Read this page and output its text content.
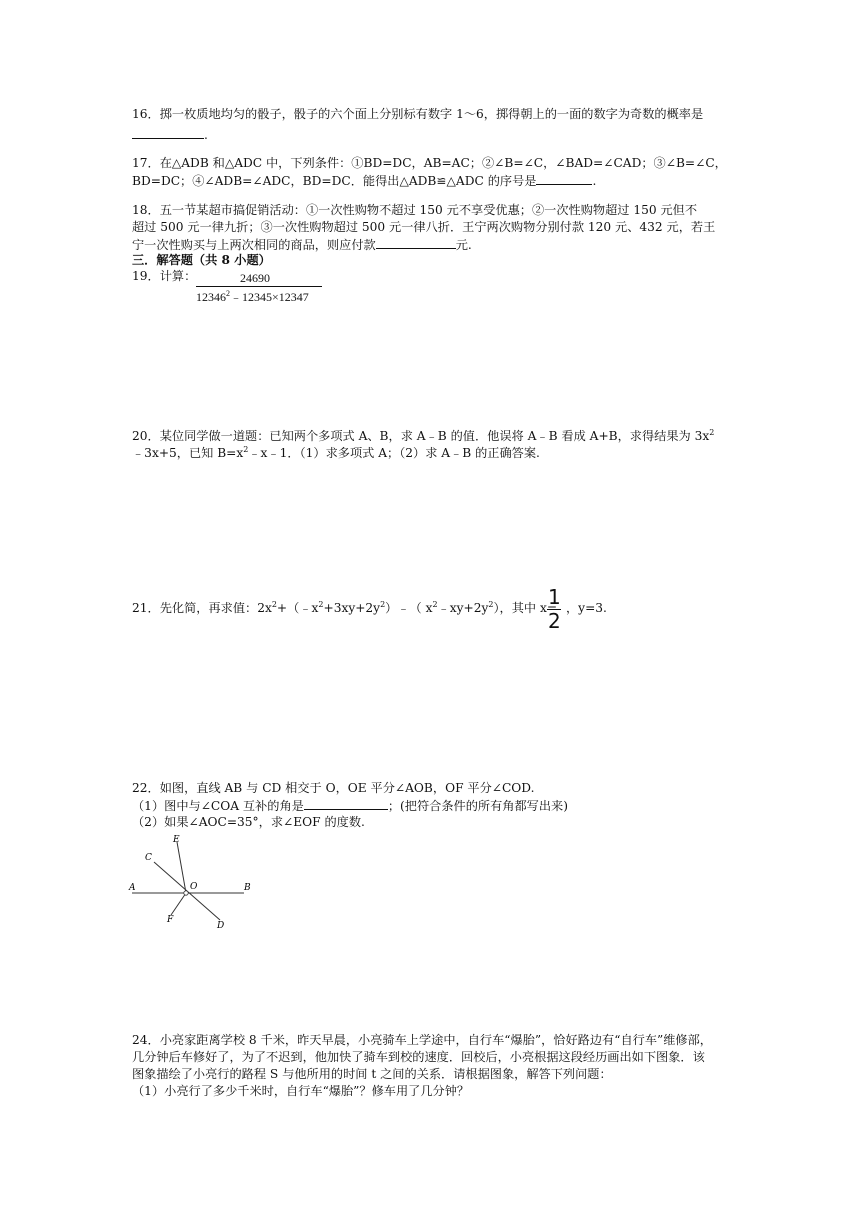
16．掷一枚质地均匀的骰子，骰子的六个面上分别标有数字 1～6，掷得朝上的一面的数字为奇数的概率是
.
17．在△ADB 和△ADC 中，下列条件：①BD=DC，AB=AC；②∠B=∠C，∠BAD=∠CAD；③∠B=∠C，
BD=DC；④∠ADB=∠ADC，BD=DC．能得出△ADB≌△ADC 的序号是	.
18．五一节某超市搞促销活动：①一次性购物不超过 150 元不享受优惠；②一次性购物超过 150 元但不
超过 500 元一律九折；③一次性购物超过 500 元一律八折．王宁两次购物分别付款 120 元、432 元，若王
宁一次性购买与上两次相同的商品，则应付款	元.
三．解答题（共 8 小题）
19．计算：	24690
$12346^2﹣12345\times 12347$
20．某位同学做一道题：已知两个多项式 A、B，求 A﹣B 的值．他误将 A﹣B 看成 A+B，求得结果为 $3x^2$
﹣3x+5，已知 $B=x^2﹣x﹣1$．（1）求多项式 A；（2）求 A﹣B 的正确答案.
21．先化简，再求值：$2x^2+(﹣x^2+3xy+2y^2)﹣$（ $x^2﹣xy+2y^2$），其中 x=
1
2
，y=3.
22．如图，直线 AB 与 CD 相交于 O，OE 平分∠AOB，OF 平分∠COD.
（1）图中与∠COA 互补的角是	；(把符合条件的所有角都写出来)
（2）如果∠AOC=35°，求∠EOF 的度数.
E
C
A	O	B
F
D
24．小亮家距离学校 8 千米，昨天早晨，小亮骑车上学途中，自行车“爆胎”，恰好路边有“自行车”维修部，
几分钟后车修好了，为了不迟到，他加快了骑车到校的速度．回校后，小亮根据这段经历画出如下图象．该
图象描绘了小亮行的路程 S 与他所用的时间 t 之间的关系．请根据图象，解答下列问题：
（1）小亮行了多少千米时，自行车“爆胎”？修车用了几分钟？
